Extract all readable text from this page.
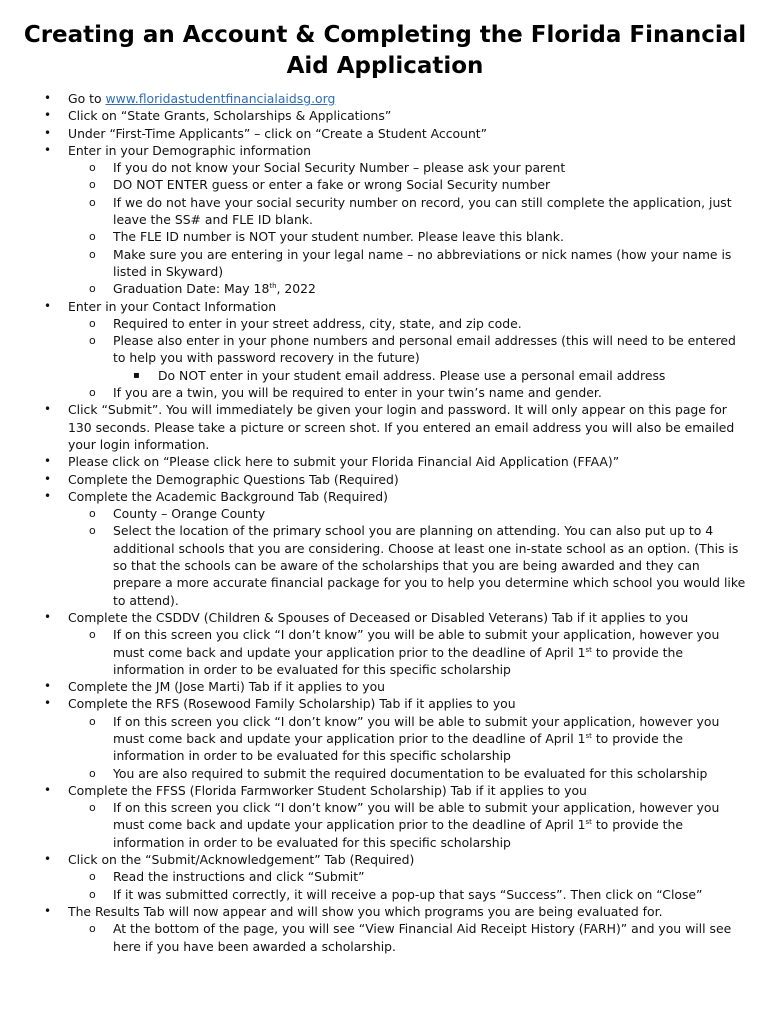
Creating an Account & Completing the Florida Financial
Aid Application
• Go to www.floridastudentfinancialaidsg.org
• Click on “State Grants, Scholarships & Applications”
• Under “First-Time Applicants” – click on “Create a Student Account”
• Enter in your Demographic information
o If you do not know your Social Security Number – please ask your parent
o DO NOT ENTER guess or enter a fake or wrong Social Security number
o If we do not have your social security number on record, you can still complete the application, just leave the SS# and FLE ID blank.
o The FLE ID number is NOT your student number. Please leave this blank.
o Make sure you are entering in your legal name – no abbreviations or nick names (how your name is listed in Skyward)
o Graduation Date: May 18th, 2022
• Enter in your Contact Information
o Required to enter in your street address, city, state, and zip code.
o Please also enter in your phone numbers and personal email addresses (this will need to be entered to help you with password recovery in the future)
▪ Do NOT enter in your student email address. Please use a personal email address
o If you are a twin, you will be required to enter in your twin’s name and gender.
• Click “Submit”. You will immediately be given your login and password. It will only appear on this page for 130 seconds. Please take a picture or screen shot. If you entered an email address you will also be emailed your login information.
• Please click on “Please click here to submit your Florida Financial Aid Application (FFAA)”
• Complete the Demographic Questions Tab (Required)
• Complete the Academic Background Tab (Required)
o County – Orange County
o Select the location of the primary school you are planning on attending. You can also put up to 4 additional schools that you are considering. Choose at least one in-state school as an option. (This is so that the schools can be aware of the scholarships that you are being awarded and they can prepare a more accurate financial package for you to help you determine which school you would like to attend).
• Complete the CSDDV (Children & Spouses of Deceased or Disabled Veterans) Tab if it applies to you
o If on this screen you click “I don’t know” you will be able to submit your application, however you must come back and update your application prior to the deadline of April 1st to provide the information in order to be evaluated for this specific scholarship
• Complete the JM (Jose Marti) Tab if it applies to you
• Complete the RFS (Rosewood Family Scholarship) Tab if it applies to you
o If on this screen you click “I don’t know” you will be able to submit your application, however you must come back and update your application prior to the deadline of April 1st to provide the information in order to be evaluated for this specific scholarship
o You are also required to submit the required documentation to be evaluated for this scholarship
• Complete the FFSS (Florida Farmworker Student Scholarship) Tab if it applies to you
o If on this screen you click “I don’t know” you will be able to submit your application, however you must come back and update your application prior to the deadline of April 1st to provide the information in order to be evaluated for this specific scholarship
• Click on the “Submit/Acknowledgement” Tab (Required)
o Read the instructions and click “Submit”
o If it was submitted correctly, it will receive a pop-up that says “Success”. Then click on “Close”
• The Results Tab will now appear and will show you which programs you are being evaluated for.
o At the bottom of the page, you will see “View Financial Aid Receipt History (FARH)” and you will see here if you have been awarded a scholarship.
